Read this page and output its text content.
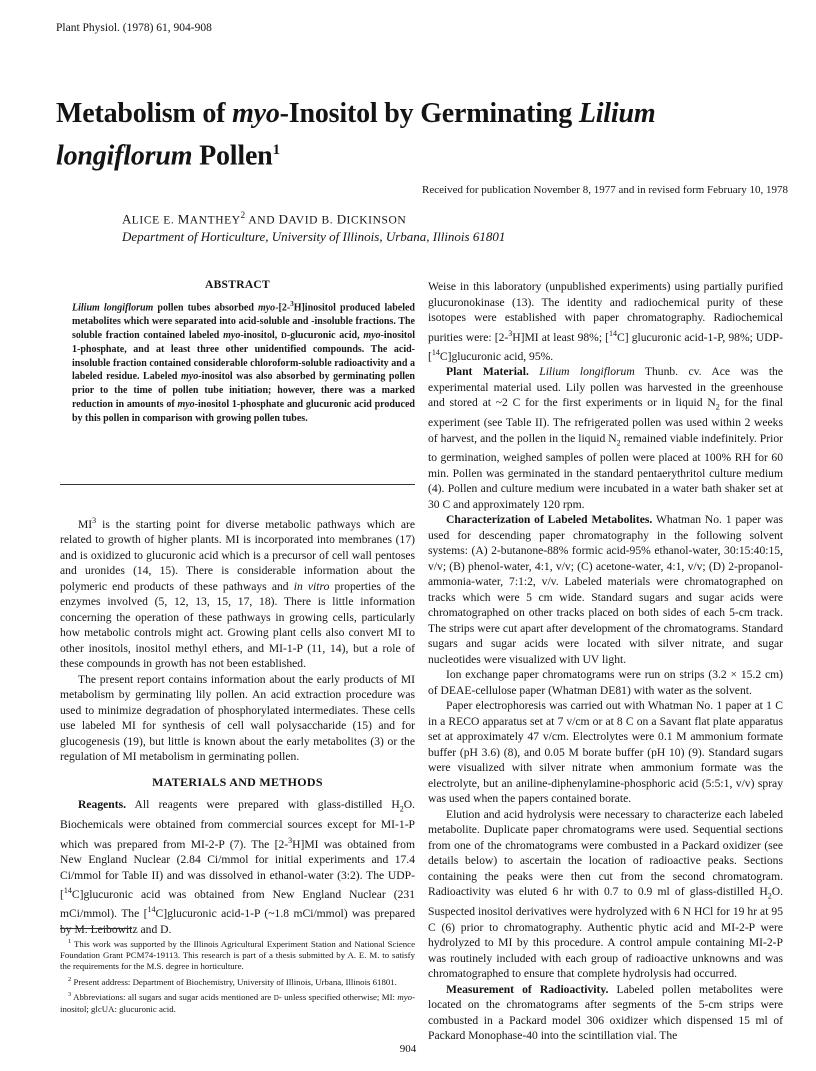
Plant Physiol. (1978) 61, 904-908
Metabolism of myo-Inositol by Germinating Lilium longiflorum Pollen$^1$
Received for publication November 8, 1977 and in revised form February 10, 1978
ALICE E. MANTHEY$^2$ AND DAVID B. DICKINSON
Department of Horticulture, University of Illinois, Urbana, Illinois 61801
ABSTRACT

Lilium longiflorum pollen tubes absorbed myo-[2-$^3$H]inositol produced labeled metabolites which were separated into acid-soluble and -insoluble fractions. The soluble fraction contained labeled myo-inositol, D-glucuronic acid, myo-inositol 1-phosphate, and at least three other unidentified compounds. The acid-insoluble fraction contained considerable chloroform-soluble radioactivity and a labeled residue. Labeled myo-inositol was also absorbed by germinating pollen prior to the time of pollen tube initiation; however, there was a marked reduction in amounts of myo-inositol 1-phosphate and glucuronic acid produced by this pollen in comparison with growing pollen tubes.

$MI^3$ is the starting point for diverse metabolic pathways which are related to growth of higher plants. MI is incorporated into membranes (17) and is oxidized to glucuronic acid which is a precursor of cell wall pentoses and uronides (14, 15). There is considerable information about the polymeric end products of these pathways and in vitro properties of the enzymes involved (5, 12, 13, 15, 17, 18). There is little information concerning the operation of these pathways in growing cells, particularly how metabolic controls might act. Growing plant cells also convert MI to other inositols, inositol methyl ethers, and MI-1-P (11, 14), but a role of these compounds in growth has not been established.

The present report contains information about the early products of MI metabolism by germinating lily pollen. An acid extraction procedure was used to minimize degradation of phosphorylated intermediates. These cells use labeled MI for synthesis of cell wall polysaccharide (15) and for glucogenesis (19), but little is known about the early metabolites (3) or the regulation of MI metabolism in germinating pollen.

MATERIALS AND METHODS

Reagents. All reagents were prepared with glass-distilled $H_2O$. Biochemicals were obtained from commercial sources except for MI-1-P which was prepared from MI-2-P (7). The [2-$^3$H]MI was obtained from New England Nuclear (2.84 Ci/mmol for initial experiments and 17.4 Ci/mmol for Table II) and was dissolved in ethanol-water (3:2). The UDP-[$^{14}$C]glucuronic acid was obtained from New England Nuclear (231 mCi/mmol). The [$^{14}$C]glucuronic acid-1-P (~1.8 mCi/mmol) was prepared by M. Leibowitz and D.

$^1$ This work was supported by the Illinois Agricultural Experiment Station and National Science Foundation Grant PCM74-19113. This research is part of a thesis submitted by A. E. M. to satisfy the requirements for the M.S. degree in horticulture.

$^2$ Present address: Department of Biochemistry, University of Illinois, Urbana, Illinois 61801.

$^3$ Abbreviations: all sugars and sugar acids mentioned are D- unless specified otherwise; MI: myo-inositol; glcUA: glucuronic acid.

Weise in this laboratory (unpublished experiments) using partially purified glucuronokinase (13). The identity and radiochemical purity of these isotopes were established with paper chromatography. Radiochemical purities were: [2-$^3$H]MI at least 98%; [$^{14}$C] glucuronic acid-1-P, 98%; UDP-[$^{14}$C]glucuronic acid, 95%.

Plant Material. Lilium longiflorum Thunb. cv. Ace was the experimental material used. Lily pollen was harvested in the greenhouse and stored at ~2 C for the first experiments or in liquid $N_2$ for the final experiment (see Table II). The refrigerated pollen was used within 2 weeks of harvest, and the pollen in the liquid $N_2$ remained viable indefinitely. Prior to germination, weighed samples of pollen were placed at 100% RH for 60 min. Pollen was germinated in the standard pentaerythritol culture medium (4). Pollen and culture medium were incubated in a water bath shaker set at 30 C and approximately 120 rpm.

Characterization of Labeled Metabolites. Whatman No. 1 paper was used for descending paper chromatography in the following solvent systems: (A) 2-butanone-88% formic acid-95% ethanol-water, 30:15:40:15, v/v; (B) phenol-water, 4:1, v/v; (C) acetone-water, 4:1, v/v; (D) 2-propanol-ammonia-water, 7:1:2, v/v. Labeled materials were chromatographed on tracks which were 5 cm wide. Standard sugars and sugar acids were chromatographed on other tracks placed on both sides of each 5-cm track. The strips were cut apart after development of the chromatograms. Standard sugars and sugar acids were located with silver nitrate, and sugar nucleotides were visualized with UV light.

Ion exchange paper chromatograms were run on strips (3.2 × 15.2 cm) of DEAE-cellulose paper (Whatman DE81) with water as the solvent.

Paper electrophoresis was carried out with Whatman No. 1 paper at 1 C in a RECO apparatus set at 7 v/cm or at 8 C on a Savant flat plate apparatus set at approximately 47 v/cm. Electrolytes were 0.1 M ammonium formate buffer (pH 3.6) (8), and 0.05 M borate buffer (pH 10) (9). Standard sugars were visualized with silver nitrate when ammonium formate was the electrolyte, but an aniline-diphenylamine-phosphoric acid (5:5:1, v/v) spray was used when the papers contained borate.

Elution and acid hydrolysis were necessary to characterize each labeled metabolite. Duplicate paper chromatograms were used. Sequential sections from one of the chromatograms were combusted in a Packard oxidizer (see details below) to ascertain the location of radioactive peaks. Sections containing the peaks were then cut from the second chromatogram. Radioactivity was eluted 6 hr with 0.7 to 0.9 ml of glass-distilled $H_2O$. Suspected inositol derivatives were hydrolyzed with 6 N HCl for 19 hr at 95 C (6) prior to chromatography. Authentic phytic acid and MI-2-P were hydrolyzed to MI by this procedure. A control ampule containing MI-2-P was routinely included with each group of radioactive unknowns and was chromatographed to ensure that complete hydrolysis had occurred.

Measurement of Radioactivity. Labeled pollen metabolites were located on the chromatograms after segments of the 5-cm strips were combusted in a Packard model 306 oxidizer which dispensed 15 ml of Packard Monophase-40 into the scintillation vial. The

904
